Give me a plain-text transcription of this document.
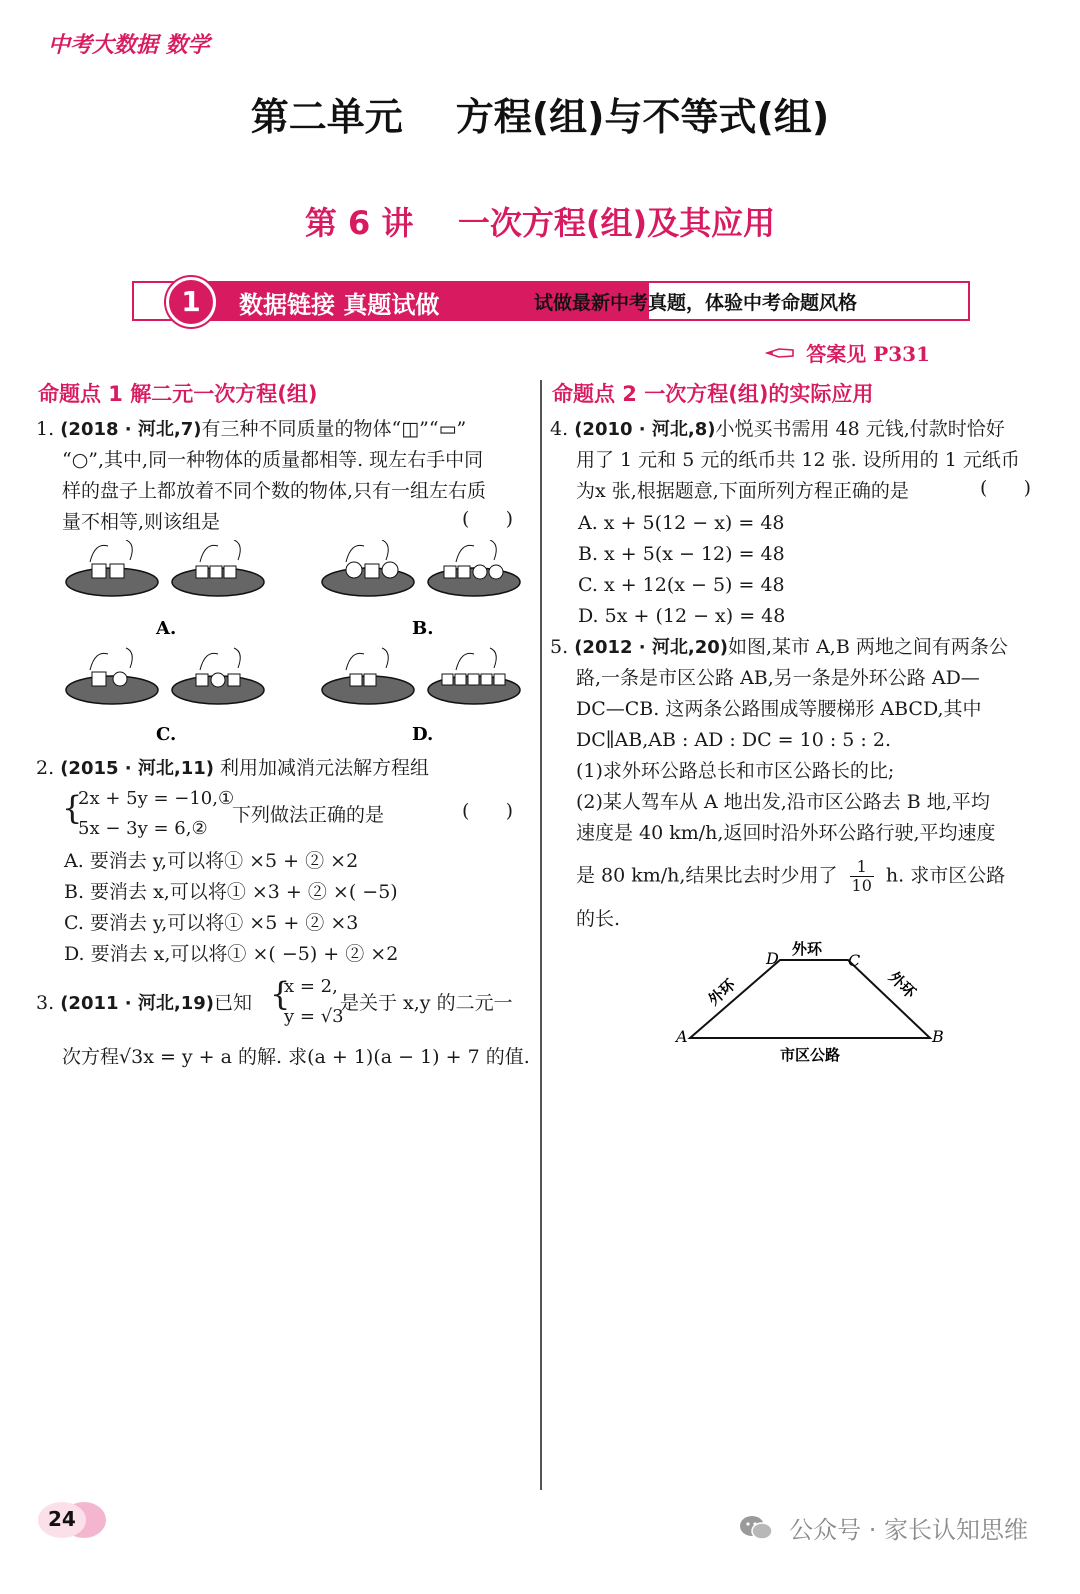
中考大数据 数学
第二单元    方程(组)与不等式(组)
第 6 讲    一次方程(组)及其应用
1	数据链接 真题试做	试做最新中考真题，体验中考命题风格
答案见 P331
命题点 1 解二元一次方程(组)
1. (2018 · 河北,7)有三种不同质量的物体“◫”“▭”
“○”,其中,同一种物体的质量都相等. 现左右手中同
样的盘子上都放着不同个数的物体,只有一组左右质
量不相等,则该组是	(      )
A.	B.
C.	D.
2. (2015 · 河北,11) 利用加减消元法解方程组
{
2x + 5y = −10,①
5x − 3y = 6,②
下列做法正确的是	(      )
A. 要消去 y,可以将① ×5 + ② ×2
B. 要消去 x,可以将① ×3 + ② ×( −5)
C. 要消去 y,可以将① ×5 + ② ×3
D. 要消去 x,可以将① ×( −5) + ② ×2
3. (2011 · 河北,19)已知 {
x = 2,
y = √3
是关于 x,y 的二元一
次方程√3x = y + a 的解. 求(a + 1)(a − 1) + 7 的值.
命题点 2 一次方程(组)的实际应用
4. (2010 · 河北,8)小悦买书需用 48 元钱,付款时恰好
用了 1 元和 5 元的纸币共 12 张. 设所用的 1 元纸币
为x 张,根据题意,下面所列方程正确的是	(      )
A. x + 5(12 − x) = 48
B. x + 5(x − 12) = 48
C. x + 12(x − 5) = 48
D. 5x + (12 − x) = 48
5. (2012 · 河北,20)如图,某市 A,B 两地之间有两条公
路,一条是市区公路 AB,另一条是外环公路 AD—
DC—CB. 这两条公路围成等腰梯形 ABCD,其中
DC∥AB,AB : AD : DC = 10 : 5 : 2.
(1)求外环公路总长和市区公路长的比;
(2)某人驾车从 A 地出发,沿市区公路去 B 地,平均
速度是 40 km/h,返回时沿外环公路行驶,平均速度
是 80 km/h,结果比去时少用了 $\frac{1}{10} h$. 求市区公路
的长.
A	B
C
D 外环
外环	外环
市区公路
24	公众号 · 家长认知思维
